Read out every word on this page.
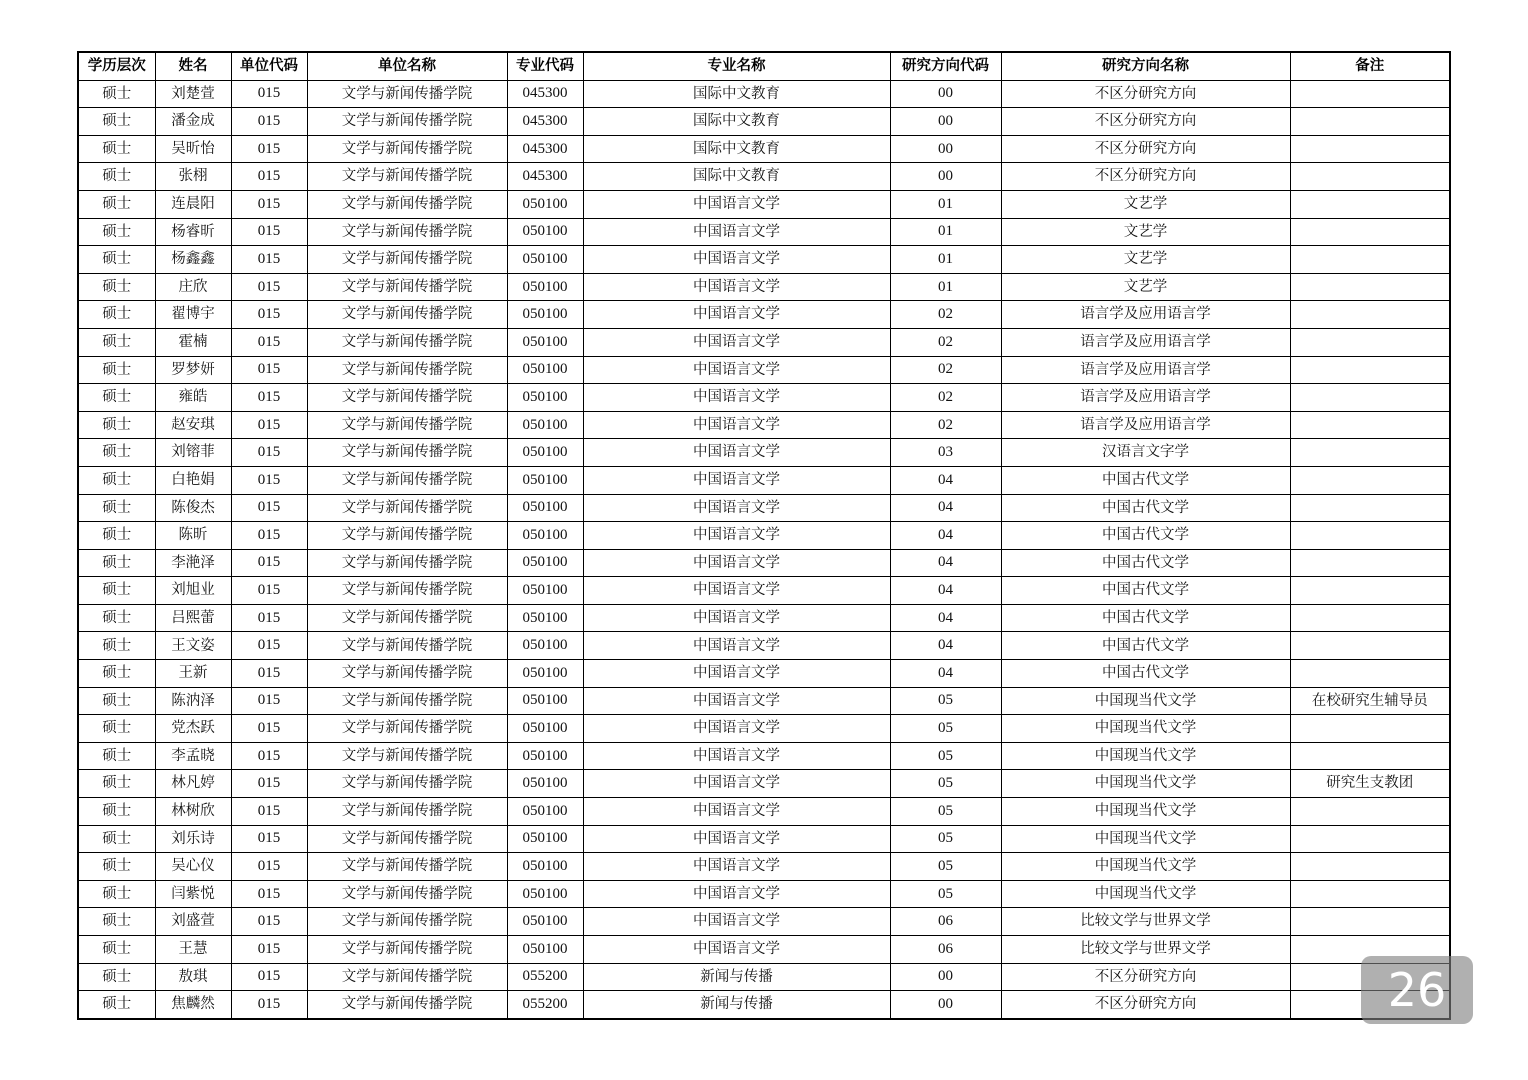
学历层次	姓名	单位代码	单位名称	专业代码	专业名称	研究方向代码	研究方向名称	备注
硕士	刘楚萱	015	文学与新闻传播学院	045300	国际中文教育	00	不区分研究方向	
硕士	潘金成	015	文学与新闻传播学院	045300	国际中文教育	00	不区分研究方向	
硕士	吴昕怡	015	文学与新闻传播学院	045300	国际中文教育	00	不区分研究方向	
硕士	张栩	015	文学与新闻传播学院	045300	国际中文教育	00	不区分研究方向	
硕士	连晨阳	015	文学与新闻传播学院	050100	中国语言文学	01	文艺学	
硕士	杨睿昕	015	文学与新闻传播学院	050100	中国语言文学	01	文艺学	
硕士	杨鑫鑫	015	文学与新闻传播学院	050100	中国语言文学	01	文艺学	
硕士	庄欣	015	文学与新闻传播学院	050100	中国语言文学	01	文艺学	
硕士	翟博宇	015	文学与新闻传播学院	050100	中国语言文学	02	语言学及应用语言学	
硕士	霍楠	015	文学与新闻传播学院	050100	中国语言文学	02	语言学及应用语言学	
硕士	罗梦妍	015	文学与新闻传播学院	050100	中国语言文学	02	语言学及应用语言学	
硕士	雍皓	015	文学与新闻传播学院	050100	中国语言文学	02	语言学及应用语言学	
硕士	赵安琪	015	文学与新闻传播学院	050100	中国语言文学	02	语言学及应用语言学	
硕士	刘镕菲	015	文学与新闻传播学院	050100	中国语言文学	03	汉语言文字学	
硕士	白艳娟	015	文学与新闻传播学院	050100	中国语言文学	04	中国古代文学	
硕士	陈俊杰	015	文学与新闻传播学院	050100	中国语言文学	04	中国古代文学	
硕士	陈昕	015	文学与新闻传播学院	050100	中国语言文学	04	中国古代文学	
硕士	李滟泽	015	文学与新闻传播学院	050100	中国语言文学	04	中国古代文学	
硕士	刘旭业	015	文学与新闻传播学院	050100	中国语言文学	04	中国古代文学	
硕士	吕熙蕾	015	文学与新闻传播学院	050100	中国语言文学	04	中国古代文学	
硕士	王文姿	015	文学与新闻传播学院	050100	中国语言文学	04	中国古代文学	
硕士	王新	015	文学与新闻传播学院	050100	中国语言文学	04	中国古代文学	
硕士	陈汭泽	015	文学与新闻传播学院	050100	中国语言文学	05	中国现当代文学	在校研究生辅导员
硕士	党杰跃	015	文学与新闻传播学院	050100	中国语言文学	05	中国现当代文学	
硕士	李孟晓	015	文学与新闻传播学院	050100	中国语言文学	05	中国现当代文学	
硕士	林凡婷	015	文学与新闻传播学院	050100	中国语言文学	05	中国现当代文学	研究生支教团
硕士	林树欣	015	文学与新闻传播学院	050100	中国语言文学	05	中国现当代文学	
硕士	刘乐诗	015	文学与新闻传播学院	050100	中国语言文学	05	中国现当代文学	
硕士	吴心仪	015	文学与新闻传播学院	050100	中国语言文学	05	中国现当代文学	
硕士	闫紫悦	015	文学与新闻传播学院	050100	中国语言文学	05	中国现当代文学	
硕士	刘盛萱	015	文学与新闻传播学院	050100	中国语言文学	06	比较文学与世界文学	
硕士	王慧	015	文学与新闻传播学院	050100	中国语言文学	06	比较文学与世界文学	
硕士	敖琪	015	文学与新闻传播学院	055200	新闻与传播	00	不区分研究方向	
硕士	焦麟然	015	文学与新闻传播学院	055200	新闻与传播	00	不区分研究方向		26
